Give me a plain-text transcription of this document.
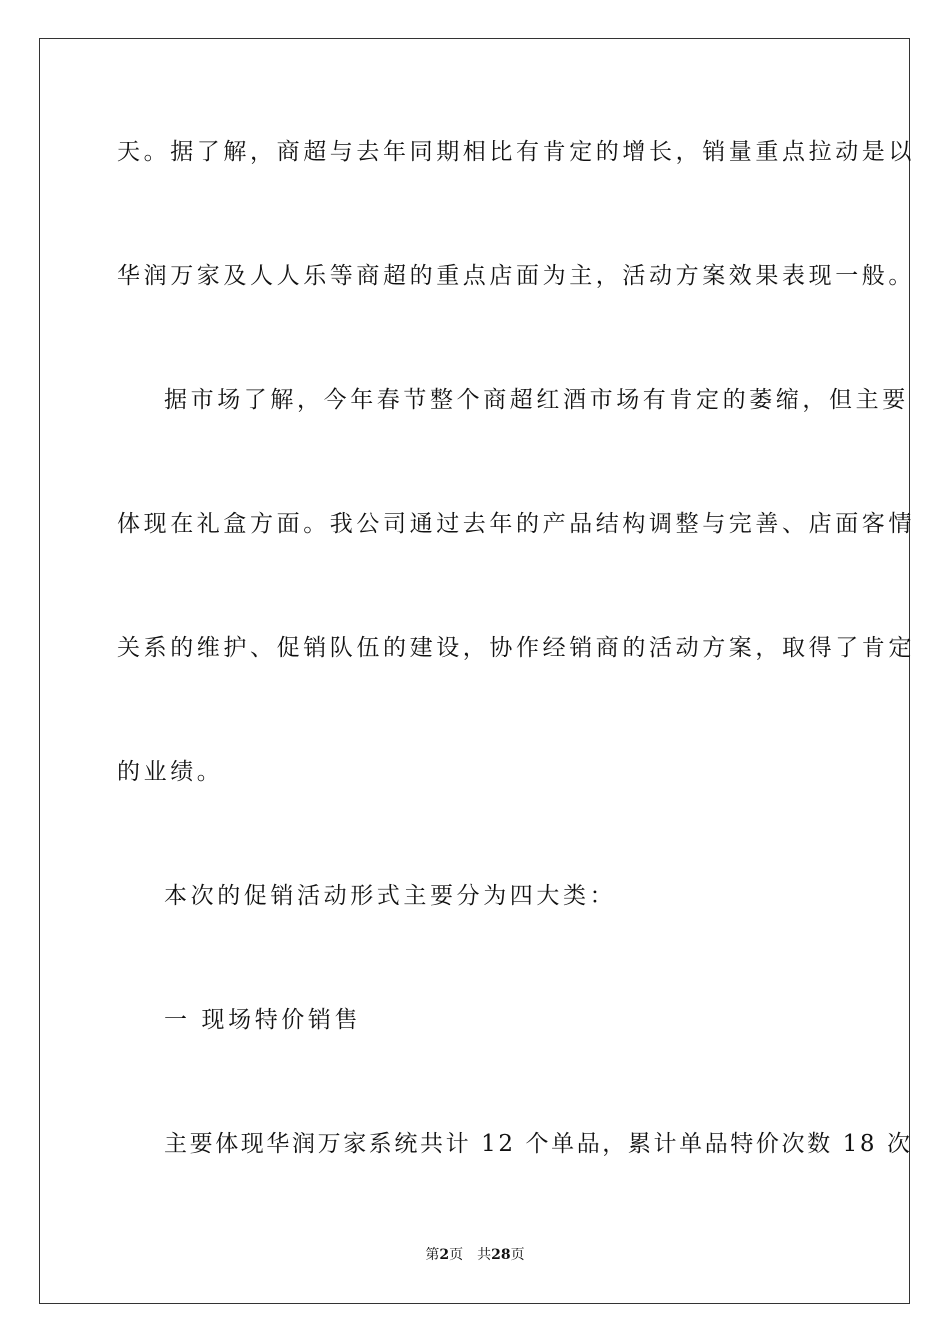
天。据了解，商超与去年同期相比有肯定的增长，销量重点拉动是以
华润万家及人人乐等商超的重点店面为主，活动方案效果表现一般。
据市场了解，今年春节整个商超红酒市场有肯定的萎缩，但主要
体现在礼盒方面。我公司通过去年的产品结构调整与完善、店面客情
关系的维护、促销队伍的建设，协作经销商的活动方案，取得了肯定
的业绩。
本次的促销活动形式主要分为四大类：
一 现场特价销售
主要体现华润万家系统共计 12 个单品，累计单品特价次数 18 次
第2页 共28页
